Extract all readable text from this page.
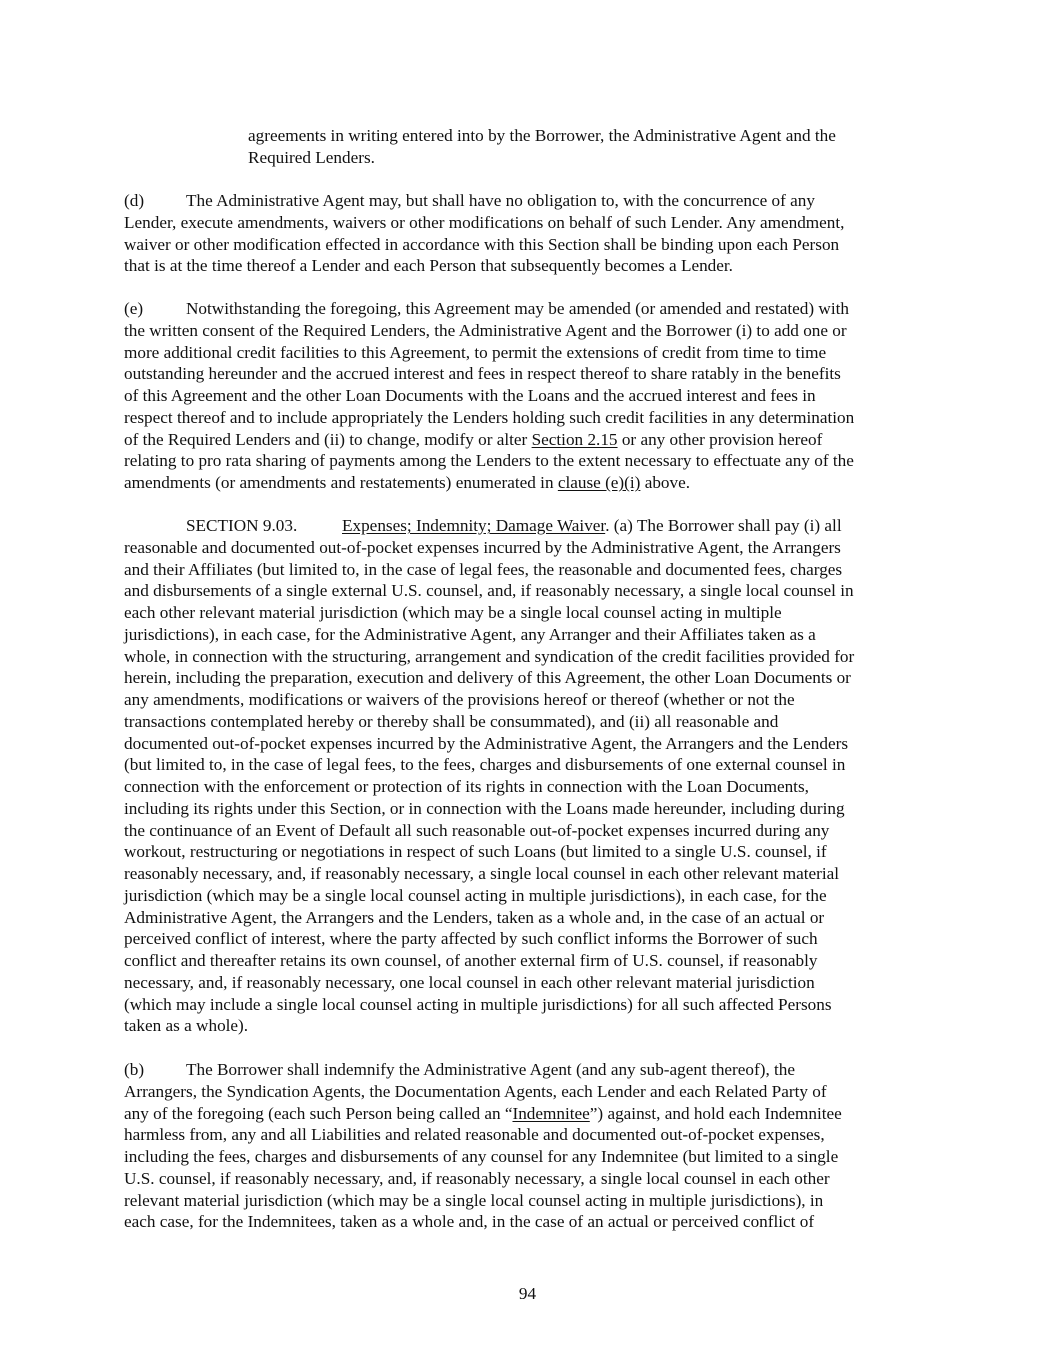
agreements in writing entered into by the Borrower, the Administrative Agent and the
Required Lenders.
(d) The Administrative Agent may, but shall have no obligation to, with the concurrence of any
Lender, execute amendments, waivers or other modifications on behalf of such Lender. Any amendment,
waiver or other modification effected in accordance with this Section shall be binding upon each Person
that is at the time thereof a Lender and each Person that subsequently becomes a Lender.
(e) Notwithstanding the foregoing, this Agreement may be amended (or amended and restated) with
the written consent of the Required Lenders, the Administrative Agent and the Borrower (i) to add one or
more additional credit facilities to this Agreement, to permit the extensions of credit from time to time
outstanding hereunder and the accrued interest and fees in respect thereof to share ratably in the benefits
of this Agreement and the other Loan Documents with the Loans and the accrued interest and fees in
respect thereof and to include appropriately the Lenders holding such credit facilities in any determination
of the Required Lenders and (ii) to change, modify or alter Section 2.15 or any other provision hereof
relating to pro rata sharing of payments among the Lenders to the extent necessary to effectuate any of the
amendments (or amendments and restatements) enumerated in clause (e)(i) above.
SECTION 9.03.	Expenses; Indemnity; Damage Waiver. (a) The Borrower shall pay (i) all
reasonable and documented out-of-pocket expenses incurred by the Administrative Agent, the Arrangers
and their Affiliates (but limited to, in the case of legal fees, the reasonable and documented fees, charges
and disbursements of a single external U.S. counsel, and, if reasonably necessary, a single local counsel in
each other relevant material jurisdiction (which may be a single local counsel acting in multiple
jurisdictions), in each case, for the Administrative Agent, any Arranger and their Affiliates taken as a
whole, in connection with the structuring, arrangement and syndication of the credit facilities provided for
herein, including the preparation, execution and delivery of this Agreement, the other Loan Documents or
any amendments, modifications or waivers of the provisions hereof or thereof (whether or not the
transactions contemplated hereby or thereby shall be consummated), and (ii) all reasonable and
documented out-of-pocket expenses incurred by the Administrative Agent, the Arrangers and the Lenders
(but limited to, in the case of legal fees, to the fees, charges and disbursements of one external counsel in
connection with the enforcement or protection of its rights in connection with the Loan Documents,
including its rights under this Section, or in connection with the Loans made hereunder, including during
the continuance of an Event of Default all such reasonable out-of-pocket expenses incurred during any
workout, restructuring or negotiations in respect of such Loans (but limited to a single U.S. counsel, if
reasonably necessary, and, if reasonably necessary, a single local counsel in each other relevant material
jurisdiction (which may be a single local counsel acting in multiple jurisdictions), in each case, for the
Administrative Agent, the Arrangers and the Lenders, taken as a whole and, in the case of an actual or
perceived conflict of interest, where the party affected by such conflict informs the Borrower of such
conflict and thereafter retains its own counsel, of another external firm of U.S. counsel, if reasonably
necessary, and, if reasonably necessary, one local counsel in each other relevant material jurisdiction
(which may include a single local counsel acting in multiple jurisdictions) for all such affected Persons
taken as a whole).
(b) The Borrower shall indemnify the Administrative Agent (and any sub-agent thereof), the
Arrangers, the Syndication Agents, the Documentation Agents, each Lender and each Related Party of
any of the foregoing (each such Person being called an “Indemnitee”) against, and hold each Indemnitee
harmless from, any and all Liabilities and related reasonable and documented out-of-pocket expenses,
including the fees, charges and disbursements of any counsel for any Indemnitee (but limited to a single
U.S. counsel, if reasonably necessary, and, if reasonably necessary, a single local counsel in each other
relevant material jurisdiction (which may be a single local counsel acting in multiple jurisdictions), in
each case, for the Indemnitees, taken as a whole and, in the case of an actual or perceived conflict of
94
